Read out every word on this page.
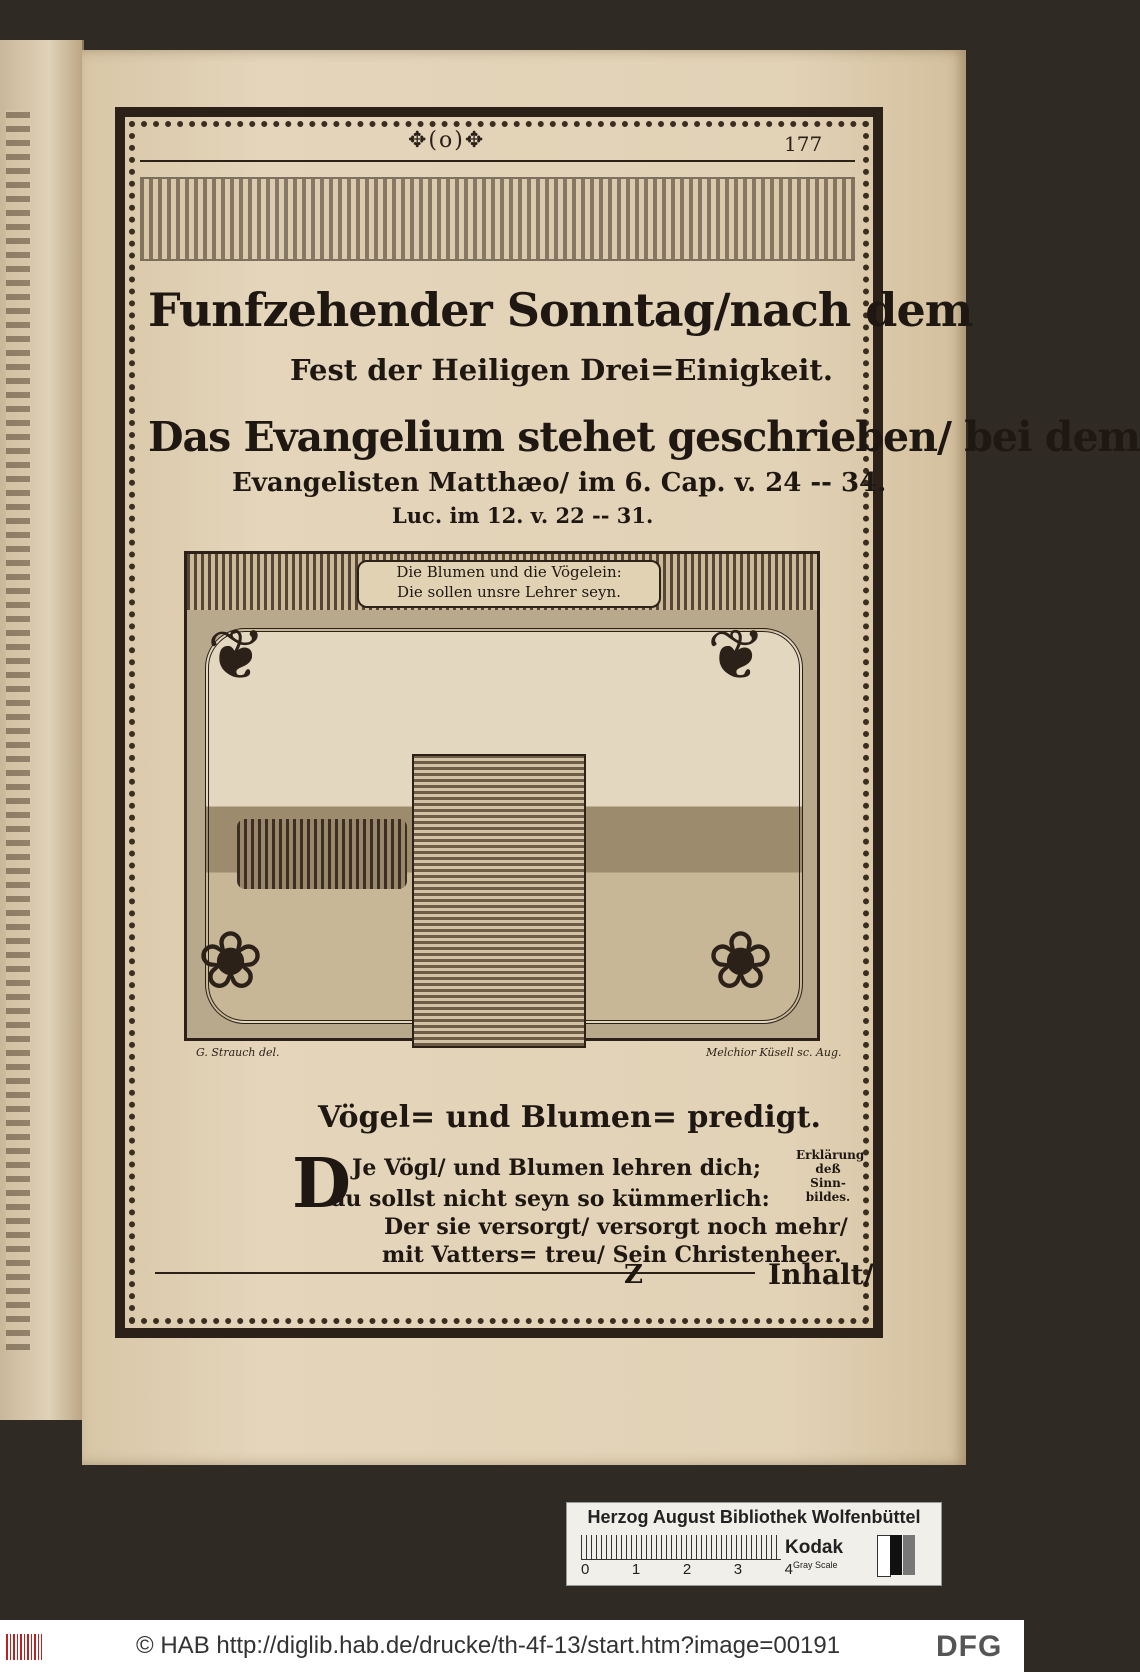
✥(o)✥	177
Funfzehender Sonntag/nach dem
Fest der Heiligen Drei=Einigkeit.
Das Evangelium stehet geschrieben/ bei dem
Evangelisten Matthæo/ im 6. Cap. v. 24 -- 34.
Luc. im 12. v. 22 -- 31.
Die Blumen und die Vögelein:
Die sollen unsre Lehrer seyn.
❦	❦
❀	❀
G. Strauch del.	Melchior Küsell sc. Aug.
Vögel= und Blumen= predigt.
D Je Vögl/ und Blumen lehren dich;
du sollst nicht seyn so kümmerlich:
Der sie versorgt/ versorgt noch mehr/
mit Vatters= treu/ Sein Christenheer.
Erklärung deß Sinn-bildes.
Z	Inhalt/
Herzog August Bibliothek Wolfenbüttel
0	1	2	3	4
Kodak
Gray Scale
© HAB http://diglib.hab.de/drucke/th-4f-13/start.htm?image=00191	DFG
